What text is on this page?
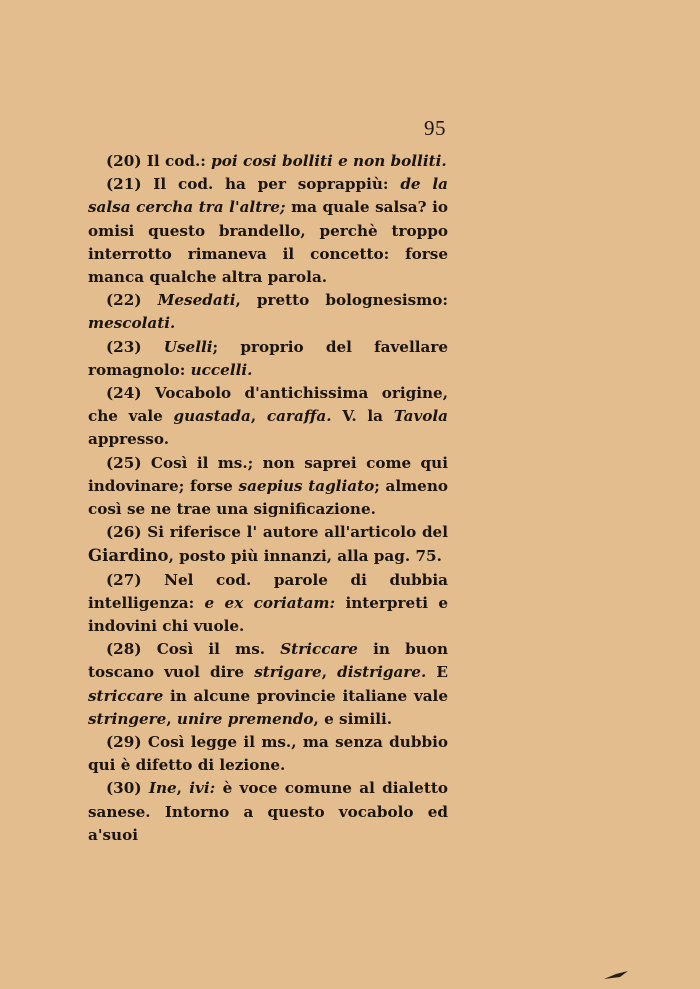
95

(20) Il cod.: poi cosi bolliti e non bolliti.

(21) Il cod. ha per soprappiù: de la salsa cercha tra l'altre; ma quale salsa? io omisi questo brandello, perchè troppo interrotto rimaneva il concetto: forse manca qualche altra parola.

(22) Mesedati, pretto bolognesismo: mescolati.

(23) Uselli; proprio del favellare romagnolo: uccelli.

(24) Vocabolo d'antichissima origine, che vale guastada, caraffa. V. la Tavola appresso.

(25) Così il ms.; non saprei come qui indovinare; forse saepius tagliato; almeno così se ne trae una significazione.

(26) Si riferisce l' autore all'articolo del Giardino, posto più innanzi, alla pag. 75.

(27) Nel cod. parole di dubbia intelligenza: e ex coriatam: interpreti e indovini chi vuole.

(28) Così il ms. Striccare in buon toscano vuol dire strigare, distrigare. E striccare in alcune provincie italiane vale stringere, unire premendo, e simili.

(29) Così legge il ms., ma senza dubbio qui è difetto di lezione.

(30) Ine, ivi: è voce comune al dialetto sanese. Intorno a questo vocabolo ed a'suoi
